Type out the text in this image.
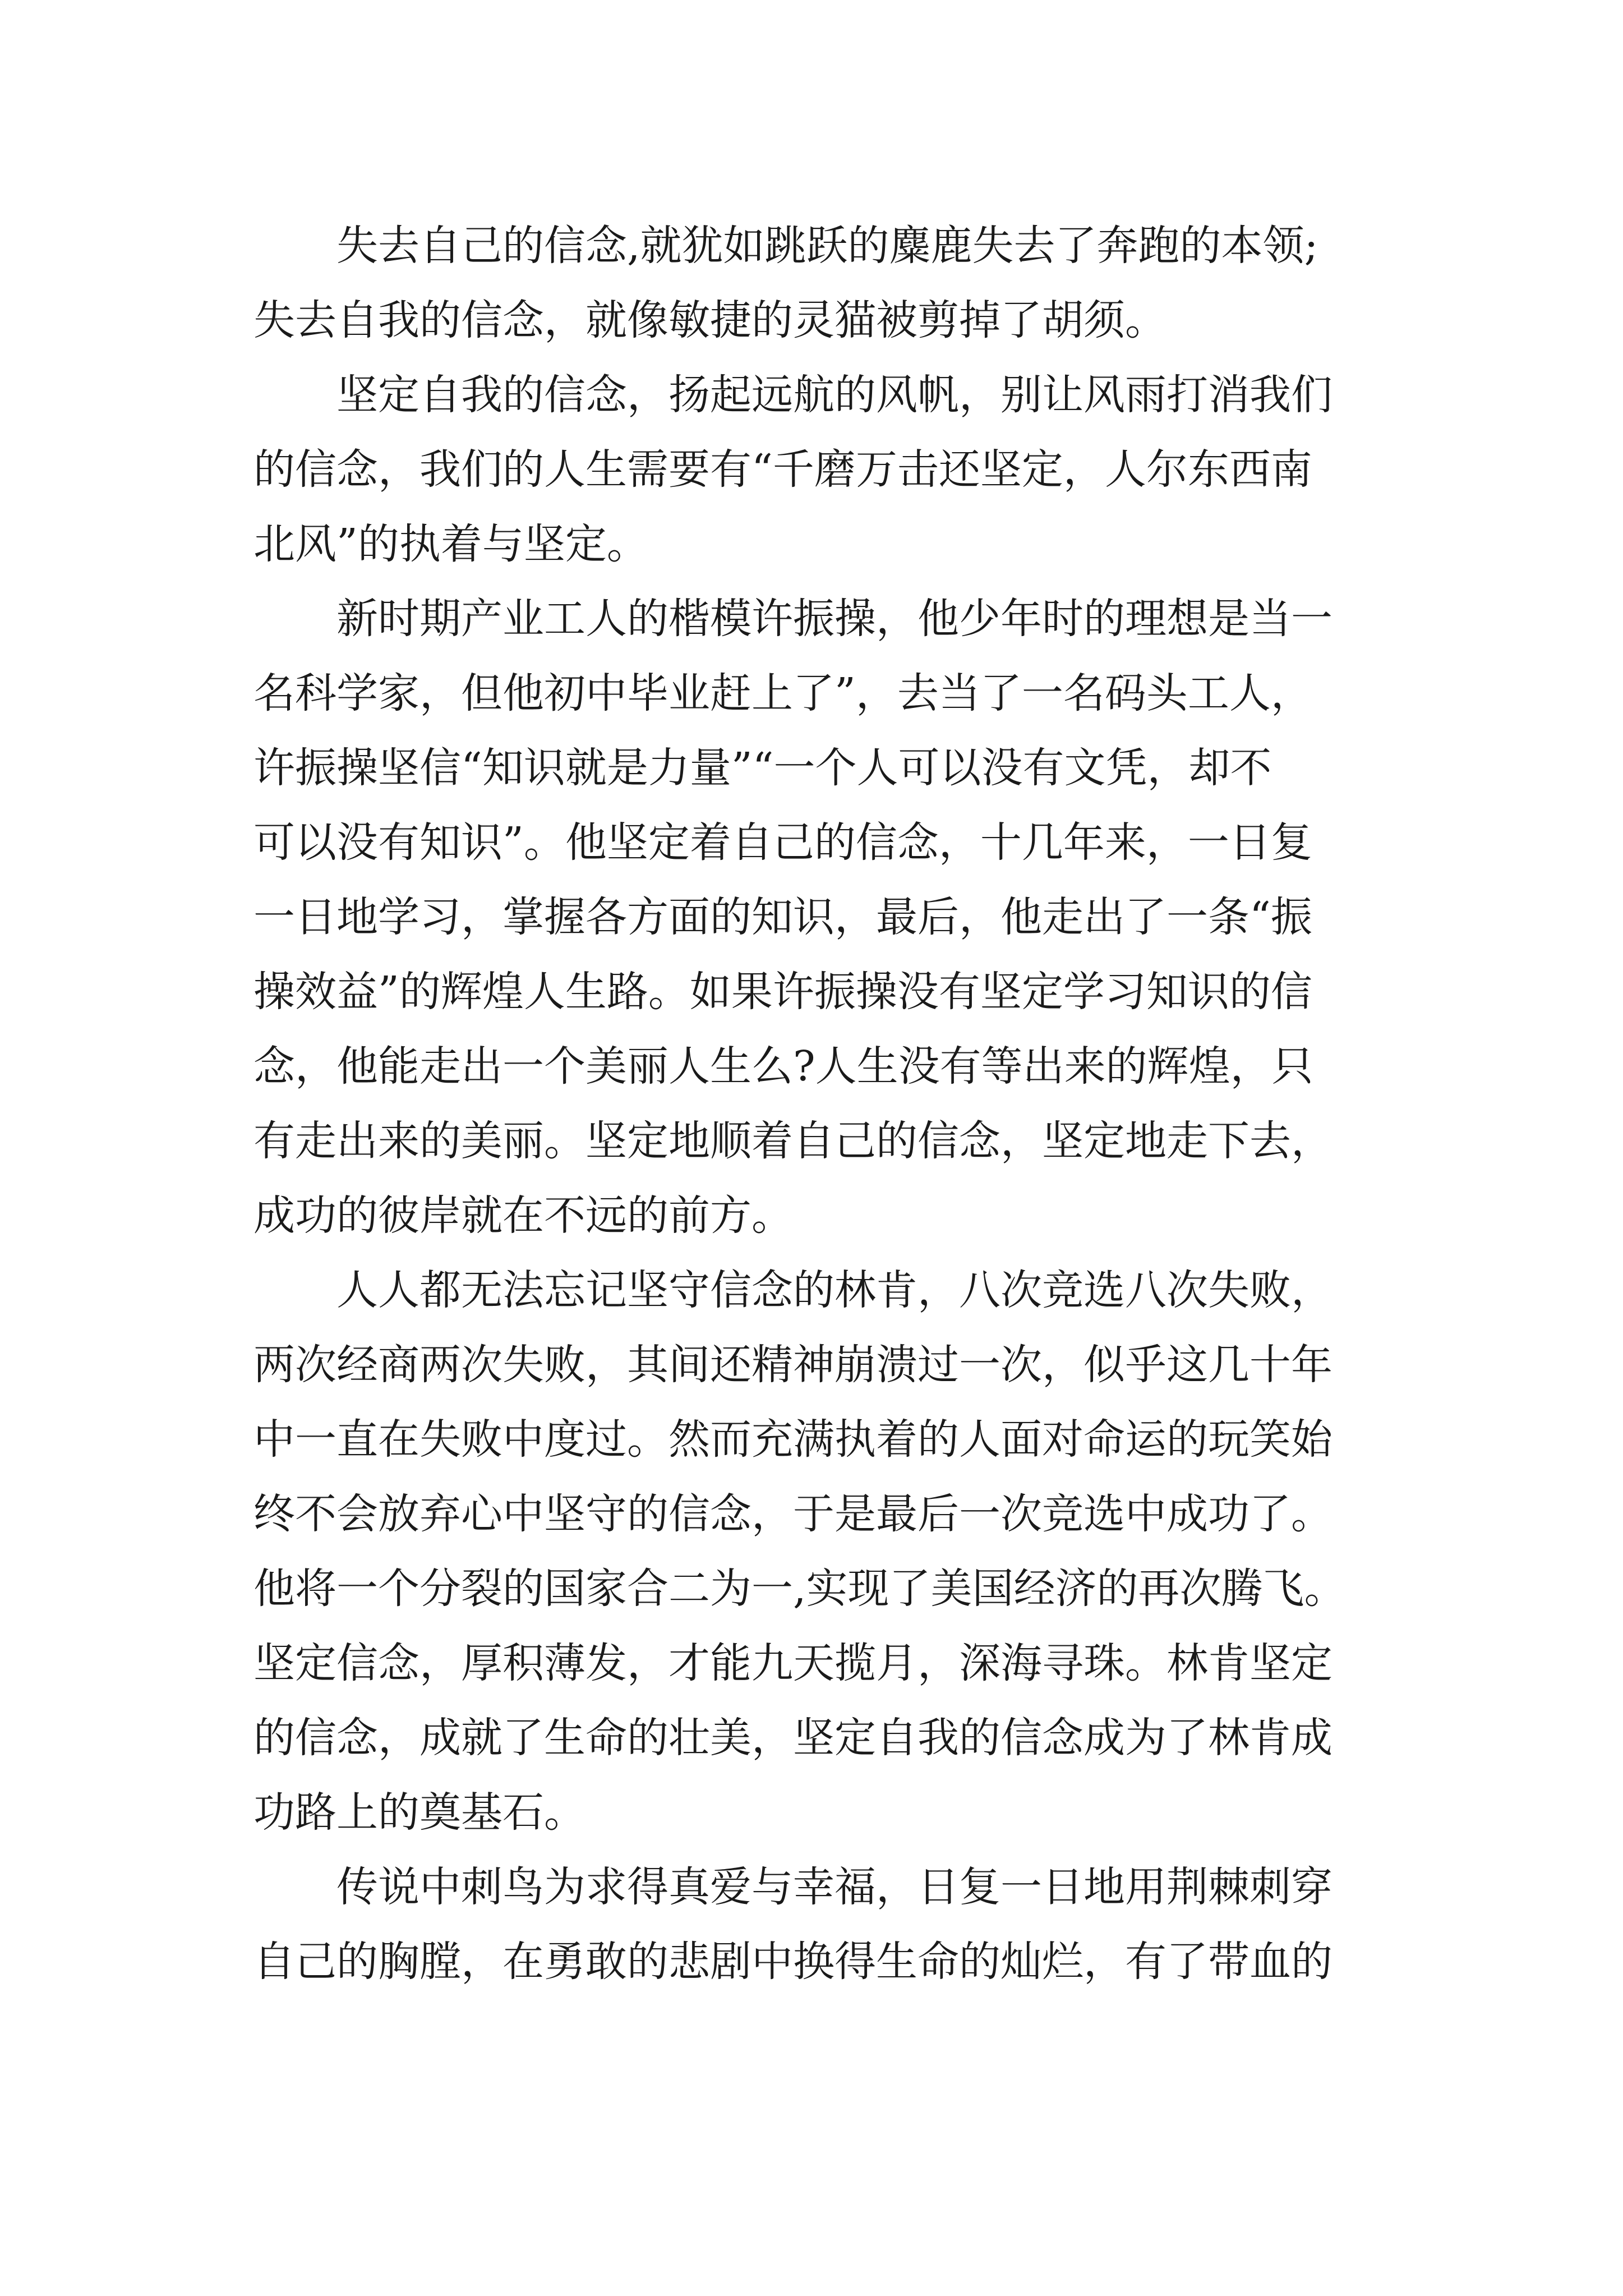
失去自己的信念,就犹如跳跃的麋鹿失去了奔跑的本领;
失去自我的信念，就像敏捷的灵猫被剪掉了胡须。
坚定自我的信念，扬起远航的风帆，别让风雨打消我们
的信念，我们的人生需要有“千磨万击还坚定，人尔东西南
北风”的执着与坚定。
新时期产业工人的楷模许振操，他少年时的理想是当一
名科学家，但他初中毕业赶上了”，去当了一名码头工人，
许振操坚信“知识就是力量”“一个人可以没有文凭，却不
可以没有知识”。他坚定着自己的信念，十几年来，一日复
一日地学习，掌握各方面的知识，最后，他走出了一条“振
操效益”的辉煌人生路。如果许振操没有坚定学习知识的信
念，他能走出一个美丽人生么?人生没有等出来的辉煌，只
有走出来的美丽。坚定地顺着自己的信念，坚定地走下去，
成功的彼岸就在不远的前方。
人人都无法忘记坚守信念的林肯，八次竞选八次失败，
两次经商两次失败，其间还精神崩溃过一次，似乎这几十年
中一直在失败中度过。然而充满执着的人面对命运的玩笑始
终不会放弃心中坚守的信念，于是最后一次竞选中成功了。
他将一个分裂的国家合二为一,实现了美国经济的再次腾飞。
坚定信念，厚积薄发，才能九天揽月，深海寻珠。林肯坚定
的信念，成就了生命的壮美，坚定自我的信念成为了林肯成
功路上的奠基石。
传说中刺鸟为求得真爱与幸福，日复一日地用荆棘刺穿
自己的胸膛，在勇敢的悲剧中换得生命的灿烂，有了带血的
